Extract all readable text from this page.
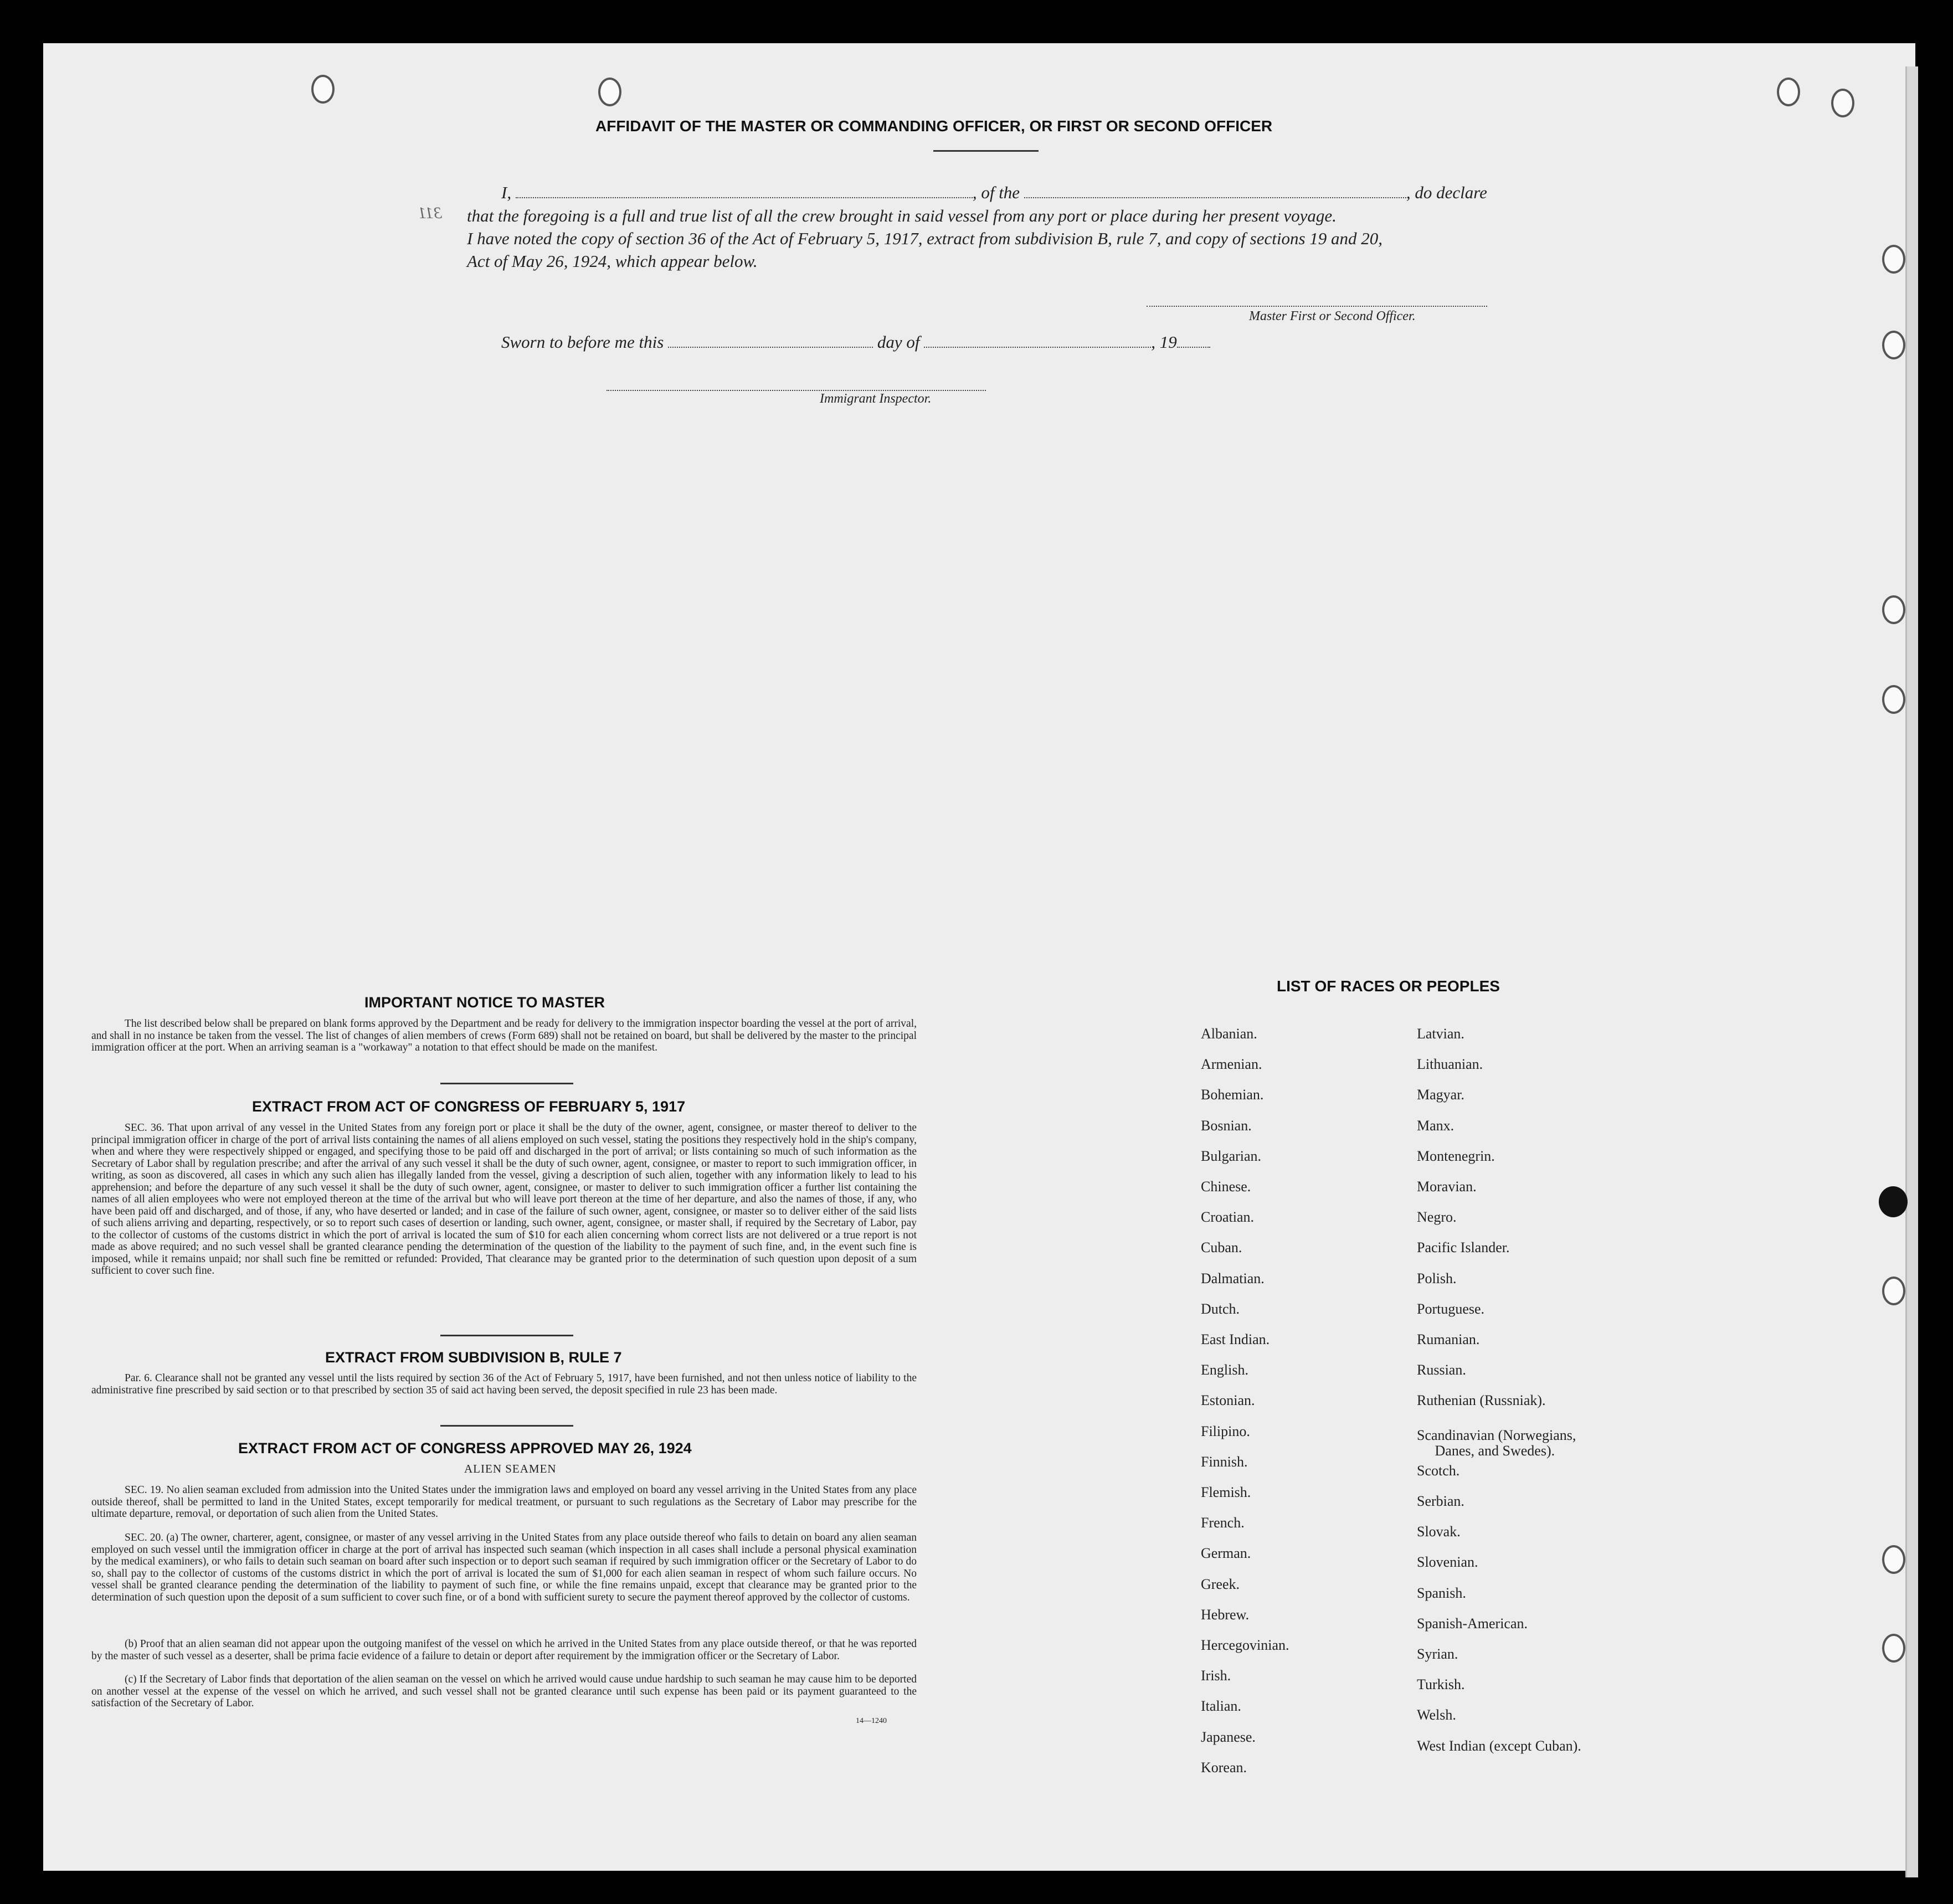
AFFIDAVIT OF THE MASTER OR COMMANDING OFFICER, OR FIRST OR SECOND OFFICER
311
I,	, of the	, do declare
that the foregoing is a full and true list of all the crew brought in said vessel from any port or place during her present voyage.
I have noted the copy of section 36 of the Act of February 5, 1917, extract from subdivision B, rule 7, and copy of sections 19 and 20,
Act of May 26, 1924, which appear below.
Master First or Second Officer.
Sworn to before me this	day of	, 19
Immigrant Inspector.
IMPORTANT NOTICE TO MASTER
The list described below shall be prepared on blank forms approved by the Department and be ready for delivery to the immigration inspector boarding the vessel at the port of arrival, and shall in no instance be taken from the vessel. The list of changes of alien members of crews (Form 689) shall not be retained on board, but shall be delivered by the master to the principal immigration officer at the port. When an arriving seaman is a "workaway" a notation to that effect should be made on the manifest.
EXTRACT FROM ACT OF CONGRESS OF FEBRUARY 5, 1917
SEC. 36. That upon arrival of any vessel in the United States from any foreign port or place it shall be the duty of the owner, agent, consignee, or master thereof to deliver to the principal immigration officer in charge of the port of arrival lists containing the names of all aliens employed on such vessel, stating the positions they respectively hold in the ship's company, when and where they were respectively shipped or engaged, and specifying those to be paid off and discharged in the port of arrival; or lists containing so much of such information as the Secretary of Labor shall by regulation prescribe; and after the arrival of any such vessel it shall be the duty of such owner, agent, consignee, or master to report to such immigration officer, in writing, as soon as discovered, all cases in which any such alien has illegally landed from the vessel, giving a description of such alien, together with any information likely to lead to his apprehension; and before the departure of any such vessel it shall be the duty of such owner, agent, consignee, or master to deliver to such immigration officer a further list containing the names of all alien employees who were not employed thereon at the time of the arrival but who will leave port thereon at the time of her departure, and also the names of those, if any, who have been paid off and discharged, and of those, if any, who have deserted or landed; and in case of the failure of such owner, agent, consignee, or master so to deliver either of the said lists of such aliens arriving and departing, respectively, or so to report such cases of desertion or landing, such owner, agent, consignee, or master shall, if required by the Secretary of Labor, pay to the collector of customs of the customs district in which the port of arrival is located the sum of $10 for each alien concerning whom correct lists are not delivered or a true report is not made as above required; and no such vessel shall be granted clearance pending the determination of the question of the liability to the payment of such fine, and, in the event such fine is imposed, while it remains unpaid; nor shall such fine be remitted or refunded: Provided, That clearance may be granted prior to the determination of such question upon deposit of a sum sufficient to cover such fine.
EXTRACT FROM SUBDIVISION B, RULE 7
Par. 6. Clearance shall not be granted any vessel until the lists required by section 36 of the Act of February 5, 1917, have been furnished, and not then unless notice of liability to the administrative fine prescribed by said section or to that prescribed by section 35 of said act having been served, the deposit specified in rule 23 has been made.
EXTRACT FROM ACT OF CONGRESS APPROVED MAY 26, 1924
ALIEN SEAMEN
SEC. 19. No alien seaman excluded from admission into the United States under the immigration laws and employed on board any vessel arriving in the United States from any place outside thereof, shall be permitted to land in the United States, except temporarily for medical treatment, or pursuant to such regulations as the Secretary of Labor may prescribe for the ultimate departure, removal, or deportation of such alien from the United States.
SEC. 20. (a) The owner, charterer, agent, consignee, or master of any vessel arriving in the United States from any place outside thereof who fails to detain on board any alien seaman employed on such vessel until the immigration officer in charge at the port of arrival has inspected such seaman (which inspection in all cases shall include a personal physical examination by the medical examiners), or who fails to detain such seaman on board after such inspection or to deport such seaman if required by such immigration officer or the Secretary of Labor to do so, shall pay to the collector of customs of the customs district in which the port of arrival is located the sum of $1,000 for each alien seaman in respect of whom such failure occurs. No vessel shall be granted clearance pending the determination of the liability to payment of such fine, or while the fine remains unpaid, except that clearance may be granted prior to the determination of such question upon the deposit of a sum sufficient to cover such fine, or of a bond with sufficient surety to secure the payment thereof approved by the collector of customs.
(b) Proof that an alien seaman did not appear upon the outgoing manifest of the vessel on which he arrived in the United States from any place outside thereof, or that he was reported by the master of such vessel as a deserter, shall be prima facie evidence of a failure to detain or deport after requirement by the immigration officer or the Secretary of Labor.
(c) If the Secretary of Labor finds that deportation of the alien seaman on the vessel on which he arrived would cause undue hardship to such seaman he may cause him to be deported on another vessel at the expense of the vessel on which he arrived, and such vessel shall not be granted clearance until such expense has been paid or its payment guaranteed to the satisfaction of the Secretary of Labor.
14—1240
LIST OF RACES OR PEOPLES
Albanian.
Armenian.
Bohemian.
Bosnian.
Bulgarian.
Chinese.
Croatian.
Cuban.
Dalmatian.
Dutch.
East Indian.
English.
Estonian.
Filipino.
Finnish.
Flemish.
French.
German.
Greek.
Hebrew.
Hercegovinian.
Irish.
Italian.
Japanese.
Korean.
Latvian.
Lithuanian.
Magyar.
Manx.
Montenegrin.
Moravian.
Negro.
Pacific Islander.
Polish.
Portuguese.
Rumanian.
Russian.
Ruthenian (Russniak).
Scandinavian (Norwegians,
Danes, and Swedes).
Scotch.
Serbian.
Slovak.
Slovenian.
Spanish.
Spanish-American.
Syrian.
Turkish.
Welsh.
West Indian (except Cuban).
